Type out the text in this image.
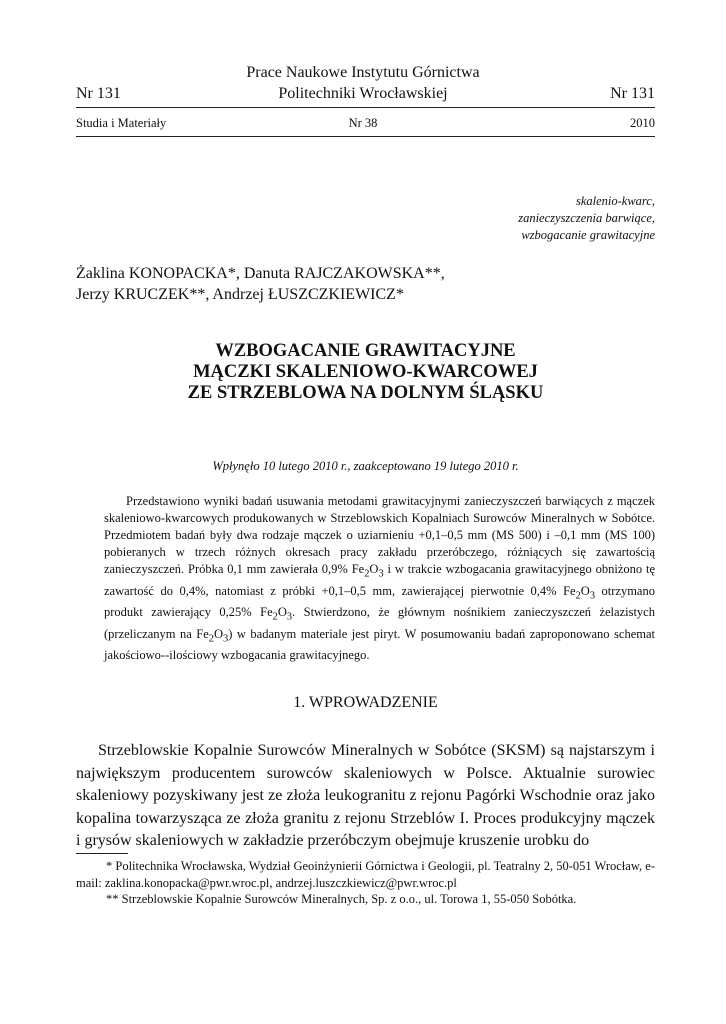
Prace Naukowe Instytutu Górnictwa
Nr 131	Politechniki Wrocławskiej	Nr 131
Studia i Materiały	Nr 38	2010
skalenio-kwarc,
zanieczyszczenia barwiące,
wzbogacanie grawitacyjne
Żaklina KONOPACKA*, Danuta RAJCZAKOWSKA**,
Jerzy KRUCZEK**, Andrzej ŁUSZCZKIEWICZ*
WZBOGACANIE GRAWITACYJNE
MĄCZKI SKALENIOWO-KWARCOWEJ
ZE STRZEBLOWA NA DOLNYM ŚLĄSKU
Wpłynęło 10 lutego 2010 r., zaakceptowano 19 lutego 2010 r.

Przedstawiono wyniki badań usuwania metodami grawitacyjnymi zanieczyszczeń barwiących z mączek skaleniowo-kwarcowych produkowanych w Strzeblowskich Kopalniach Surowców Mineralnych w Sobótce. Przedmiotem badań były dwa rodzaje mączek o uziarnieniu +0,1–0,5 mm (MS 500) i –0,1 mm (MS 100) pobieranych w trzech różnych okresach pracy zakładu przeróbczego, różniących się zawartością zanieczyszczeń. Próbka 0,1 mm zawierała 0,9% $Fe_2O_3$ i w trakcie wzbogacania grawitacyjnego obniżono tę zawartość do 0,4%, natomiast z próbki +0,1–0,5 mm, zawierającej pierwotnie 0,4% $Fe_2O_3$ otrzymano produkt zawierający 0,25% $Fe_2O_3$. Stwierdzono, że głównym nośnikiem zanieczyszczeń żelazistych (przeliczanym na $Fe_2O_3$) w badanym materiale jest piryt. W posumowaniu badań zaproponowano schemat jakościowo--ilościowy wzbogacania grawitacyjnego.

1. WPROWADZENIE

Strzeblowskie Kopalnie Surowców Mineralnych w Sobótce (SKSM) są najstarszym i największym producentem surowców skaleniowych w Polsce. Aktualnie surowiec skaleniowy pozyskiwany jest ze złoża leukogranitu z rejonu Pagórki Wschodnie oraz jako kopalina towarzysząca ze złoża granitu z rejonu Strzeblów I. Proces produkcyjny mączek i grysów skaleniowych w zakładzie przeróbczym obejmuje kruszenie urobku do

* Politechnika Wrocławska, Wydział Geoinżynierii Górnictwa i Geologii, pl. Teatralny 2, 50-051 Wrocław, e-mail: zaklina.konopacka@pwr.wroc.pl, andrzej.luszczkiewicz@pwr.wroc.pl

** Strzeblowskie Kopalnie Surowców Mineralnych, Sp. z o.o., ul. Torowa 1, 55-050 Sobótka.
